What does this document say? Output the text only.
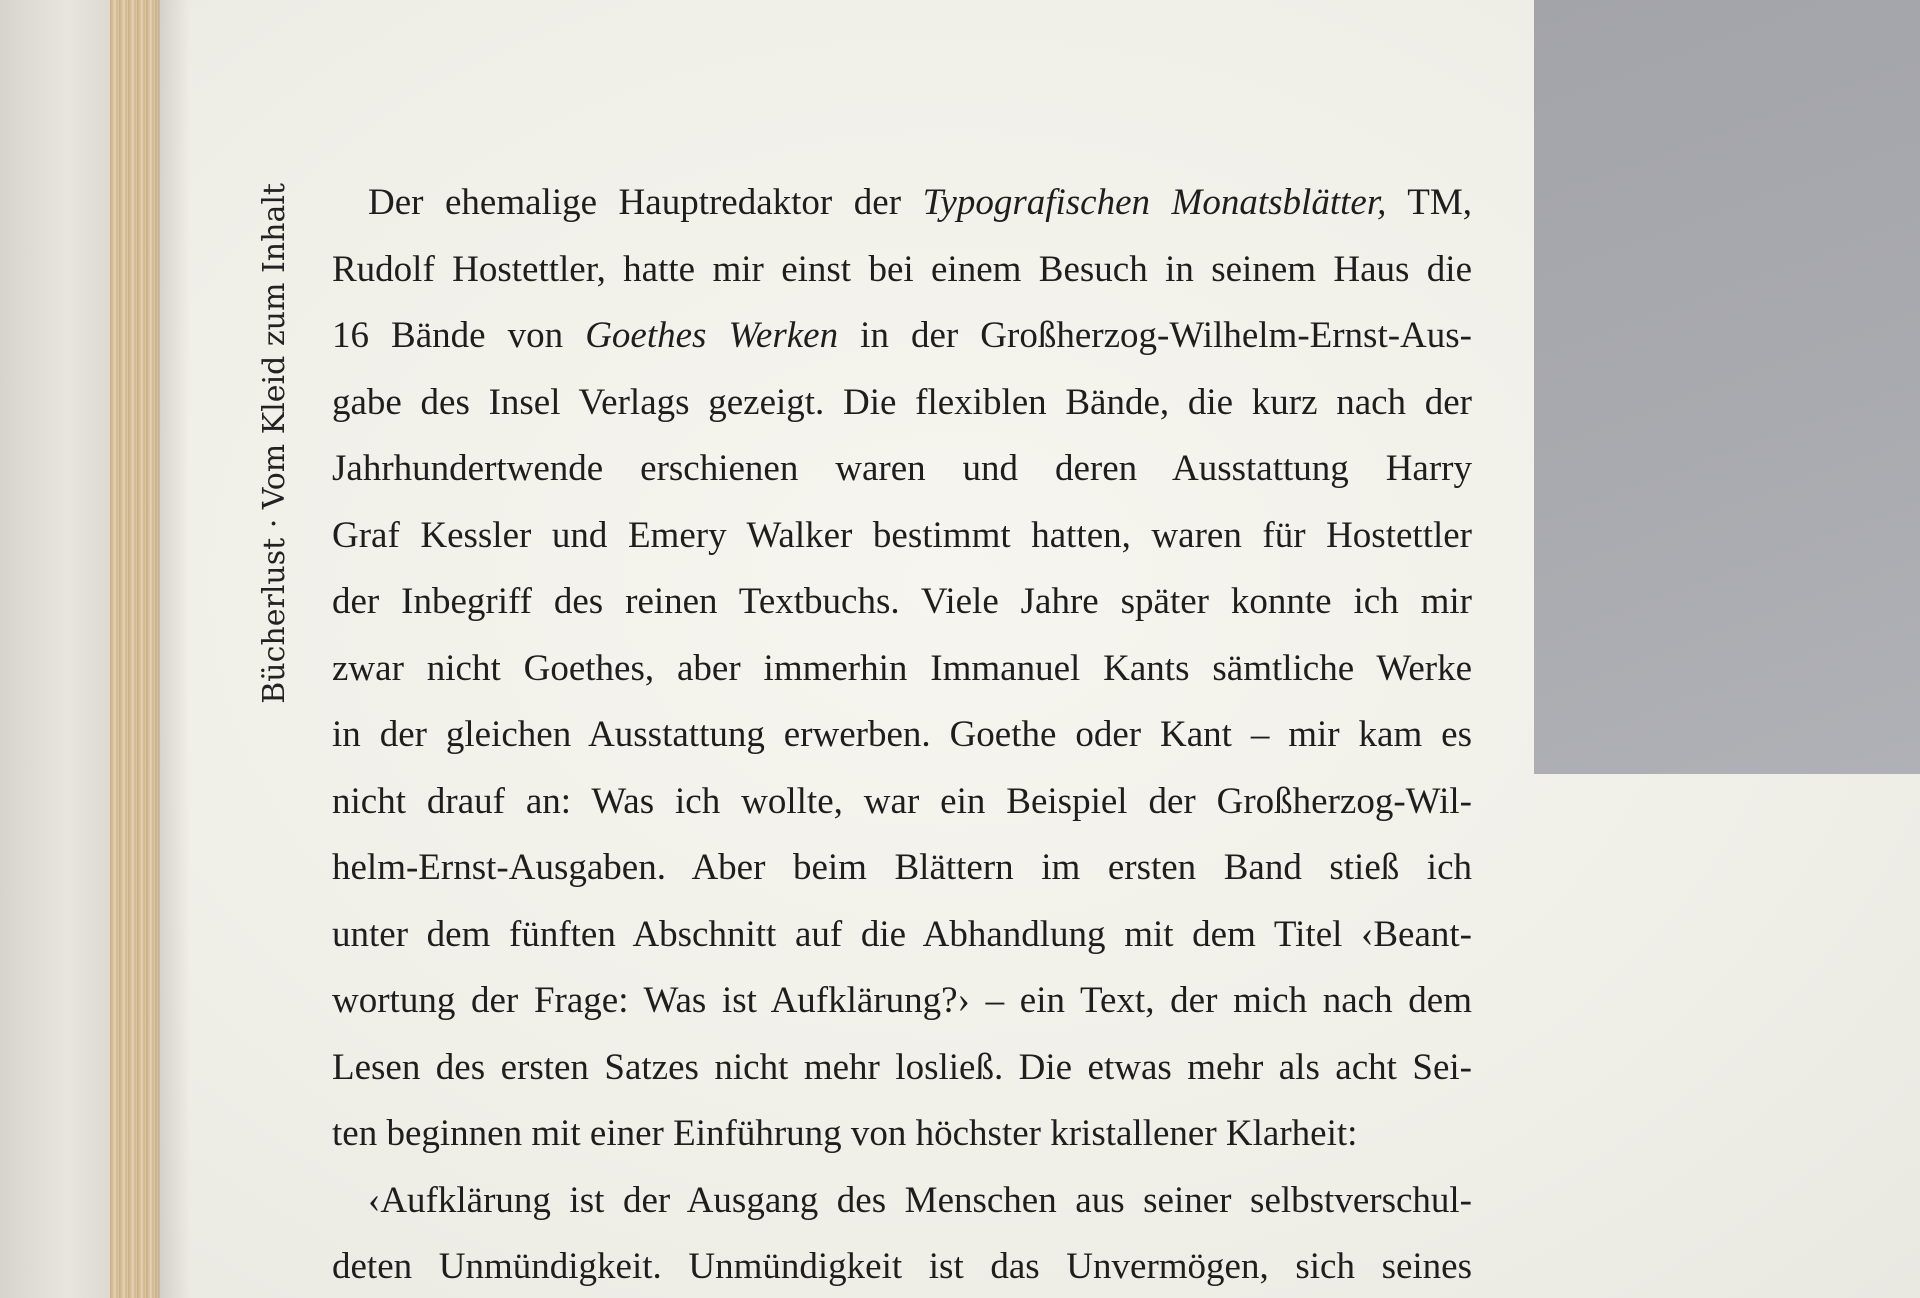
Bücherlust · Vom Kleid zum Inhalt	Der ehemalige Hauptredaktor der Typografischen Monatsblätter, TM,
Rudolf Hostettler, hatte mir einst bei einem Besuch in seinem Haus die
16 Bände von Goethes Werken in der Großherzog-Wilhelm-Ernst-Aus-
gabe des Insel Verlags gezeigt. Die flexiblen Bände, die kurz nach der
Jahrhundertwende erschienen waren und deren Ausstattung Harry
Graf Kessler und Emery Walker bestimmt hatten, waren für Hostettler
der Inbegriff des reinen Textbuchs. Viele Jahre später konnte ich mir
zwar nicht Goethes, aber immerhin Immanuel Kants sämtliche Werke
in der gleichen Ausstattung erwerben. Goethe oder Kant – mir kam es
nicht drauf an: Was ich wollte, war ein Beispiel der Großherzog-Wil-
helm-Ernst-Ausgaben. Aber beim Blättern im ersten Band stieß ich
unter dem fünften Abschnitt auf die Abhandlung mit dem Titel ‹Beant-
wortung der Frage: Was ist Aufklärung?› – ein Text, der mich nach dem
Lesen des ersten Satzes nicht mehr losließ. Die etwas mehr als acht Sei-
ten beginnen mit einer Einführung von höchster kristallener Klarheit:
‹Aufklärung ist der Ausgang des Menschen aus seiner selbstverschul-
deten Unmündigkeit. Unmündigkeit ist das Unvermögen, sich seines
